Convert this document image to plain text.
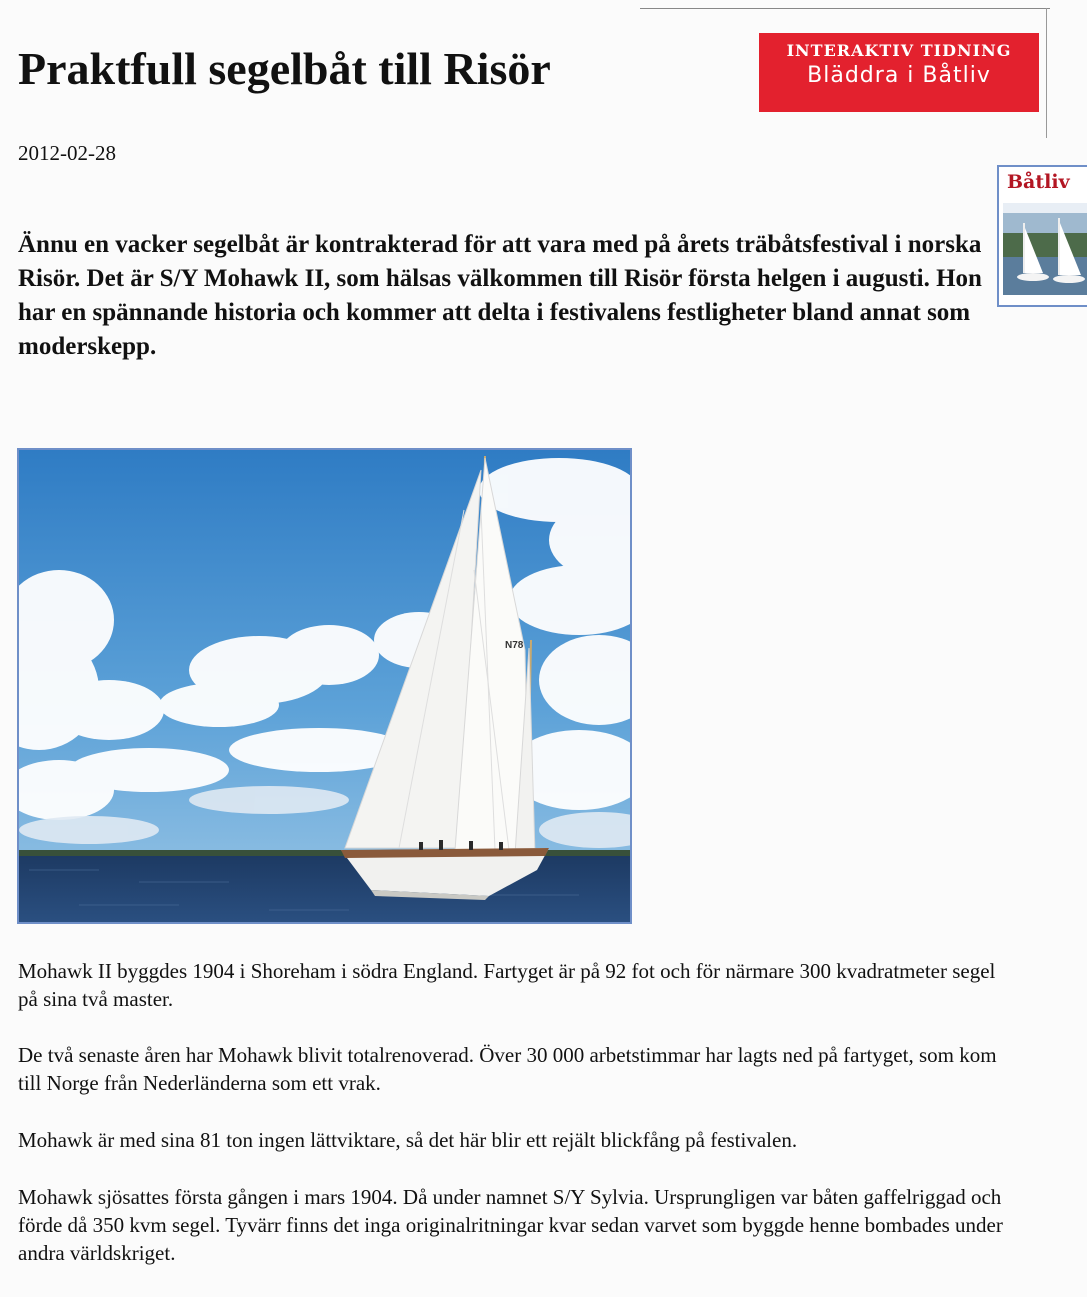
Praktfull segelbåt till Risör
2012-02-28
INTERAKTIV TIDNING
Bläddra i Båtliv
Båtliv

Ännu en vacker segelbåt är kontrakterad för att vara med på årets träbåtsfestival i norska Risör. Det är S/Y Mohawk II, som hälsas välkommen till Risör första helgen i augusti. Hon har en spännande historia och kommer att delta i festivalens festligheter bland annat som moderskepp.

N78

Mohawk II byggdes 1904 i Shoreham i södra England. Fartyget är på 92 fot och för närmare 300 kvadratmeter segel på sina två master.

De två senaste åren har Mohawk blivit totalrenoverad. Över 30 000 arbetstimmar har lagts ned på fartyget, som kom till Norge från Nederländerna som ett vrak.

Mohawk är med sina 81 ton ingen lättviktare, så det här blir ett rejält blickfång på festivalen.

Mohawk sjösattes första gången i mars 1904. Då under namnet S/Y Sylvia. Ursprungligen var båten gaffelriggad och förde då 350 kvm segel. Tyvärr finns det inga originalritningar kvar sedan varvet som byggde henne bombades under andra världskriget.
